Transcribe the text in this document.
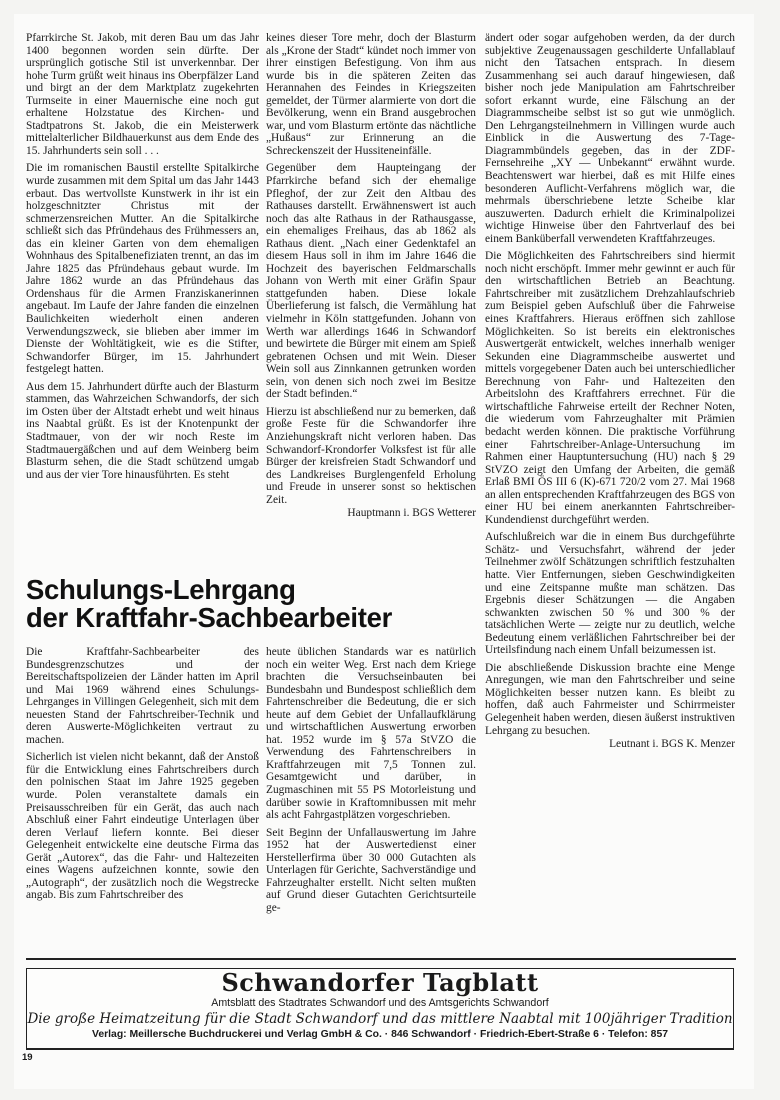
Pfarrkirche St. Jakob, mit deren Bau um das Jahr 1400 begonnen worden sein dürfte. Der ursprünglich gotische Stil ist unverkennbar. Der hohe Turm grüßt weit hinaus ins Oberpfälzer Land und birgt an der dem Marktplatz zugekehrten Turmseite in einer Mauernische eine noch gut erhaltene Holzstatue des Kirchen- und Stadtpatrons St. Jakob, die ein Meisterwerk mittelalterlicher Bildhauerkunst aus dem Ende des 15. Jahrhunderts sein soll . . .

Die im romanischen Baustil erstellte Spitalkirche wurde zusammen mit dem Spital um das Jahr 1443 erbaut. Das wertvollste Kunstwerk in ihr ist ein holzgeschnitzter Christus mit der schmerzensreichen Mutter. An die Spitalkirche schließt sich das Pfründehaus des Frühmessers an, das ein kleiner Garten von dem ehemaligen Wohnhaus des Spitalbenefiziaten trennt, an das im Jahre 1825 das Pfründehaus gebaut wurde. Im Jahre 1862 wurde an das Pfründehaus das Ordenshaus für die Armen Franziskanerinnen angebaut. Im Laufe der Jahre fanden die einzelnen Baulichkeiten wiederholt einen anderen Verwendungszweck, sie blieben aber immer im Dienste der Wohltätigkeit, wie es die Stifter, Schwandorfer Bürger, im 15. Jahrhundert festgelegt hatten.

Aus dem 15. Jahrhundert dürfte auch der Blasturm stammen, das Wahrzeichen Schwandorfs, der sich im Osten über der Altstadt erhebt und weit hinaus ins Naabtal grüßt. Es ist der Knotenpunkt der Stadtmauer, von der wir noch Reste im Stadtmauergäßchen und auf dem Weinberg beim Blasturm sehen, die die Stadt schützend umgab und aus der vier Tore hinausführten. Es steht

keines dieser Tore mehr, doch der Blasturm als „Krone der Stadt“ kündet noch immer von ihrer einstigen Befestigung. Von ihm aus wurde bis in die späteren Zeiten das Herannahen des Feindes in Kriegszeiten gemeldet, der Türmer alarmierte von dort die Bevölkerung, wenn ein Brand ausgebrochen war, und vom Blasturm ertönte das nächtliche „Hußaus“ zur Erinnerung an die Schreckenszeit der Hussiteneinfälle.

Gegenüber dem Haupteingang der Pfarrkirche befand sich der ehemalige Pfleghof, der zur Zeit den Altbau des Rathauses darstellt. Erwähnenswert ist auch noch das alte Rathaus in der Rathausgasse, ein ehemaliges Freihaus, das ab 1862 als Rathaus dient. „Nach einer Gedenktafel an diesem Haus soll in ihm im Jahre 1646 die Hochzeit des bayerischen Feldmarschalls Johann von Werth mit einer Gräfin Spaur stattgefunden haben. Diese lokale Überlieferung ist falsch, die Vermählung hat vielmehr in Köln stattgefunden. Johann von Werth war allerdings 1646 in Schwandorf und bewirtete die Bürger mit einem am Spieß gebratenen Ochsen und mit Wein. Dieser Wein soll aus Zinnkannen getrunken worden sein, von denen sich noch zwei im Besitze der Stadt befinden.“

Hierzu ist abschließend nur zu bemerken, daß große Feste für die Schwandorfer ihre Anziehungskraft nicht verloren haben. Das Schwandorf-Krondorfer Volksfest ist für alle Bürger der kreisfreien Stadt Schwandorf und des Landkreises Burglengenfeld Erholung und Freude in unserer sonst so hektischen Zeit.

Hauptmann i. BGS Wetterer

Schulungs-Lehrgang
der Kraftfahr-Sachbearbeiter

Die Kraftfahr-Sachbearbeiter des Bundesgrenzschutzes und der Bereitschaftspolizeien der Länder hatten im April und Mai 1969 während eines Schulungs-Lehrganges in Villingen Gelegenheit, sich mit dem neuesten Stand der Fahrtschreiber-Technik und deren Auswerte-Möglichkeiten vertraut zu machen.

Sicherlich ist vielen nicht bekannt, daß der Anstoß für die Entwicklung eines Fahrtschreibers durch den polnischen Staat im Jahre 1925 gegeben wurde. Polen veranstaltete damals ein Preisausschreiben für ein Gerät, das auch nach Abschluß einer Fahrt eindeutige Unterlagen über deren Verlauf liefern konnte. Bei dieser Gelegenheit entwickelte eine deutsche Firma das Gerät „Autorex“, das die Fahr- und Haltezeiten eines Wagens aufzeichnen konnte, sowie den „Autograph“, der zusätzlich noch die Wegstrecke angab. Bis zum Fahrtschreiber des

heute üblichen Standards war es natürlich noch ein weiter Weg. Erst nach dem Kriege brachten die Versuchseinbauten bei Bundesbahn und Bundespost schließlich dem Fahrtenschreiber die Bedeutung, die er sich heute auf dem Gebiet der Unfallaufklärung und wirtschaftlichen Auswertung erworben hat. 1952 wurde im § 57a StVZO die Verwendung des Fahrtenschreibers in Kraftfahrzeugen mit 7,5 Tonnen zul. Gesamtgewicht und darüber, in Zugmaschinen mit 55 PS Motorleistung und darüber sowie in Kraftomnibussen mit mehr als acht Fahrgastplätzen vorgeschrieben.

Seit Beginn der Unfallauswertung im Jahre 1952 hat der Auswertedienst einer Herstellerfirma über 30 000 Gutachten als Unterlagen für Gerichte, Sachverständige und Fahrzeughalter erstellt. Nicht selten mußten auf Grund dieser Gutachten Gerichtsurteile ge-

ändert oder sogar aufgehoben werden, da der durch subjektive Zeugenaussagen geschilderte Unfallablauf nicht den Tatsachen entsprach. In diesem Zusammenhang sei auch darauf hingewiesen, daß bisher noch jede Manipulation am Fahrtschreiber sofort erkannt wurde, eine Fälschung an der Diagrammscheibe selbst ist so gut wie unmöglich. Den Lehrgangsteilnehmern in Villingen wurde auch Einblick in die Auswertung des 7-Tage-Diagrammbündels gegeben, das in der ZDF-Fernsehreihe „XY — Unbekannt“ erwähnt wurde. Beachtenswert war hierbei, daß es mit Hilfe eines besonderen Auflicht-Verfahrens möglich war, die mehrmals überschriebene letzte Scheibe klar auszuwerten. Dadurch erhielt die Kriminalpolizei wichtige Hinweise über den Fahrtverlauf des bei einem Banküberfall verwendeten Kraftfahrzeuges.

Die Möglichkeiten des Fahrtschreibers sind hiermit noch nicht erschöpft. Immer mehr gewinnt er auch für den wirtschaftlichen Betrieb an Beachtung. Fahrtschreiber mit zusätzlichem Drehzahlaufschrieb zum Beispiel geben Aufschluß über die Fahrweise eines Kraftfahrers. Hieraus eröffnen sich zahllose Möglichkeiten. So ist bereits ein elektronisches Auswertgerät entwickelt, welches innerhalb weniger Sekunden eine Diagrammscheibe auswertet und mittels vorgegebener Daten auch bei unterschiedlicher Berechnung von Fahr- und Haltezeiten den Arbeitslohn des Kraftfahrers errechnet. Für die wirtschaftliche Fahrweise erteilt der Rechner Noten, die wiederum vom Fahrzeughalter mit Prämien bedacht werden können. Die praktische Vorführung einer Fahrtschreiber-Anlage-Untersuchung im Rahmen einer Hauptuntersuchung (HU) nach § 29 StVZO zeigt den Umfang der Arbeiten, die gemäß Erlaß BMI ÖS III 6 (K)-671 720/2 vom 27. Mai 1968 an allen entsprechenden Kraftfahrzeugen des BGS von einer HU bei einem anerkannten Fahrtschreiber-Kundendienst durchgeführt werden.

Aufschlußreich war die in einem Bus durchgeführte Schätz- und Versuchsfahrt, während der jeder Teilnehmer zwölf Schätzungen schriftlich festzuhalten hatte. Vier Entfernungen, sieben Geschwindigkeiten und eine Zeitspanne mußte man schätzen. Das Ergebnis dieser Schätzungen — die Angaben schwankten zwischen 50 % und 300 % der tatsächlichen Werte — zeigte nur zu deutlich, welche Bedeutung einem verläßlichen Fahrtschreiber bei der Urteilsfindung nach einem Unfall beizumessen ist.

Die abschließende Diskussion brachte eine Menge Anregungen, wie man den Fahrtschreiber und seine Möglichkeiten besser nutzen kann. Es bleibt zu hoffen, daß auch Fahrmeister und Schirrmeister Gelegenheit haben werden, diesen äußerst instruktiven Lehrgang zu besuchen.

Leutnant i. BGS K. Menzer

Schwandorfer Tagblatt
Amtsblatt des Stadtrates Schwandorf und des Amtsgerichts Schwandorf
Die große Heimatzeitung für die Stadt Schwandorf und das mittlere Naabtal mit 100jähriger Tradition
Verlag: Meillersche Buchdruckerei und Verlag GmbH & Co. · 846 Schwandorf · Friedrich-Ebert-Straße 6 · Telefon: 857
19
